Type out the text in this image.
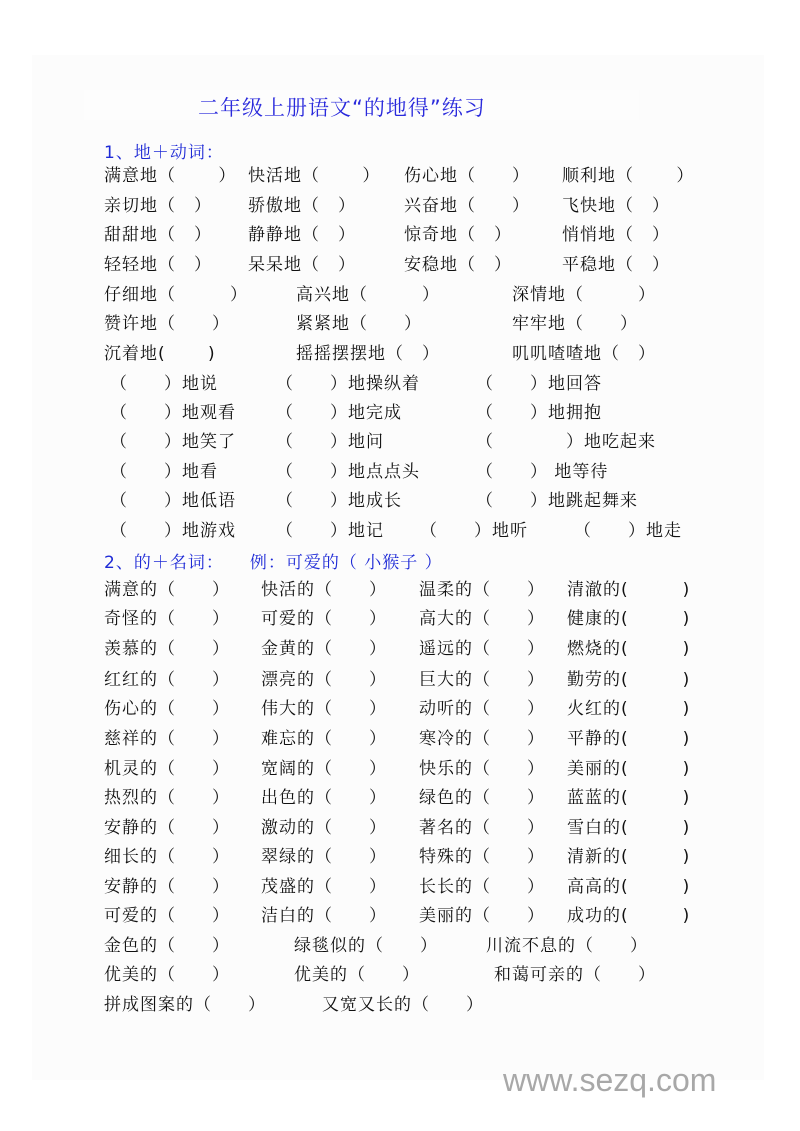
二年级上册语文“的地得”练习
1、地＋动词：
满意地（　　 ） 快活地（　　 ） 伤心地（　　） 顺利地（　　 ）
亲切地（　） 骄傲地（　）	兴奋地（　　） 飞快地（　）
甜甜地（　） 静静地（　）	惊奇地（　）	悄悄地（　）
轻轻地（　） 呆呆地（　）	安稳地（　）	平稳地（　）
仔细地（　　　）	高兴地（　　　）	深情地（　　　）
赞许地（　　）	紧紧地（　　）	牢牢地（　　）
沉着地(　　 )	摇摇摆摆地（　）	叽叽喳喳地（　）
（　　）地说	（　　）地操纵着	（　　）地回答
（　　）地观看 （　　）地完成	（　　）地拥抱
（　　）地笑了 （　　）地问	（　　　　）地吃起来
（　　）地看	（　　）地点点头	（　　） 地等待
（　　）地低语 （　　）地成长	（　　）地跳起舞来
（　　）地游戏 （　　）地记 （　　）地听	（　　）地走
2、的＋名词： 例：可爱的（ 小猴子 ）
满意的（　　） 快活的（　　） 温柔的（　　） 清澈的(　　　)
奇怪的（　　） 可爱的（　　） 高大的（　　） 健康的(　　　)
羡慕的（　　） 金黄的（　　） 遥远的（　　） 燃烧的(　　　)
红红的（　　） 漂亮的（　　） 巨大的（　　） 勤劳的(　　　)
伤心的（　　） 伟大的（　　） 动听的（　　） 火红的(　　　)
慈祥的（　　） 难忘的（　　） 寒冷的（　　） 平静的(　　　)
机灵的（　　） 宽阔的（　　） 快乐的（　　） 美丽的(　　　)
热烈的（　　） 出色的（　　） 绿色的（　　） 蓝蓝的(　　　)
安静的（　　） 激动的（　　） 著名的（　　） 雪白的(　　　)
细长的（　　） 翠绿的（　　） 特殊的（　　） 清新的(　　　)
安静的（　　） 茂盛的（　　） 长长的（　　） 高高的(　　　)
可爱的（　　） 洁白的（　　） 美丽的（　　） 成功的(　　　)
金色的（　　）	绿毯似的（　　）	川流不息的（　　）
优美的（　　）	优美的（　　）	和蔼可亲的（　　）
拼成图案的（　　）	又宽又长的（　　）
www.sezq.com
